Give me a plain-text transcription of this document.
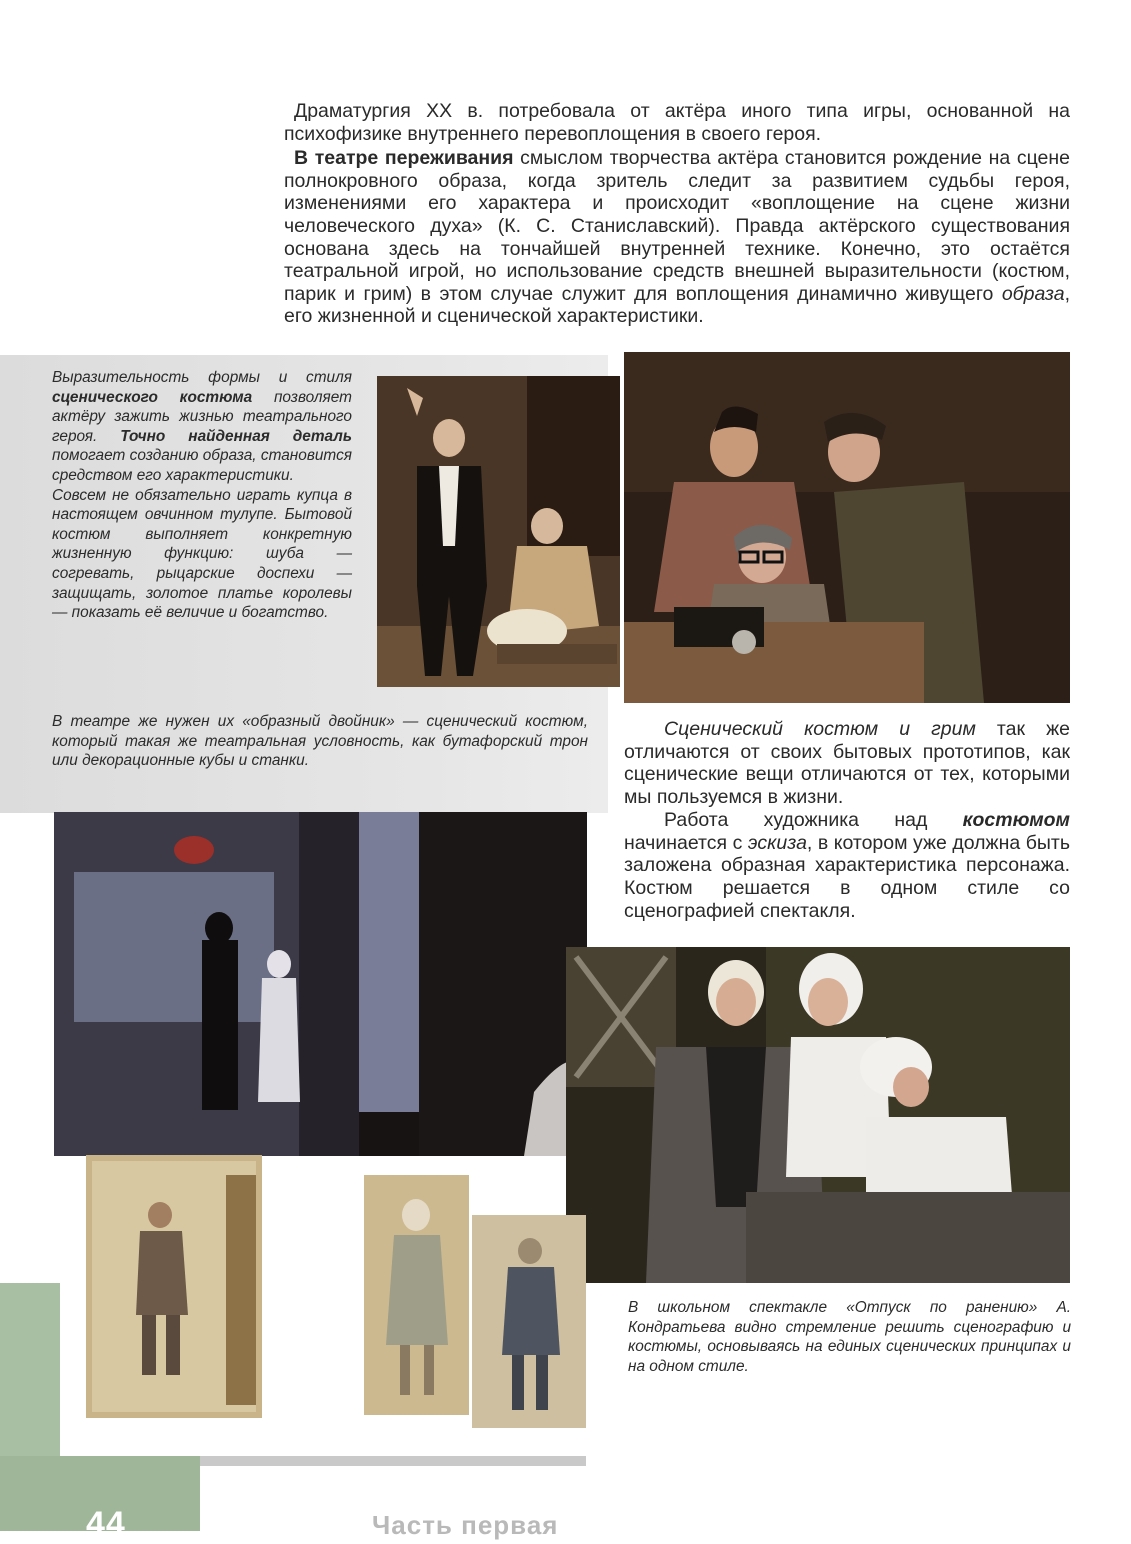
Драматургия XX в. потребовала от актёра иного типа игры, основанной на психофизике внутреннего перевоплощения в своего героя.

В театре переживания смыслом творчества актёра становится рождение на сцене полнокровного образа, когда зритель следит за развитием судьбы героя, изменениями его характера и происходит «воплощение на сцене жизни человеческого духа» (К. С. Станиславский). Правда актёрского существования основана здесь на тончайшей внутренней технике. Конечно, это остаётся театральной игрой, но использование средств внешней выразительности (костюм, парик и грим) в этом случае служит для воплощения динамично живущего образа, его жизненной и сценической характеристики.

Выразительность формы и стиля сценического костюма позволяет актёру зажить жизнью театрального героя. Точно найденная деталь помогает созданию образа, становится средством его характеристики.

Совсем не обязательно играть купца в настоящем овчинном тулупе. Бытовой костюм выполняет конкретную жизненную функцию: шуба — согревать, рыцарские доспехи — защищать, золотое платье королевы — показать её величие и богатство.

В театре же нужен их «образный двойник» — сценический костюм, который такая же театральная условность, как бутафорский трон или декорационные кубы и станки.

Сценический костюм и грим так же отличаются от своих бытовых прототипов, как сценические вещи отличаются от тех, которыми мы пользуемся в жизни.

Работа художника над костюмом начинается с эскиза, в котором уже должна быть заложена образная характеристика персонажа. Костюм решается в одном стиле со сценографией спектакля.

В школьном спектакле «Отпуск по ранению» А. Кондратьева видно стремление решить сценографию и костюмы, основываясь на единых сценических принципах и на одном стиле.

44	Часть первая
